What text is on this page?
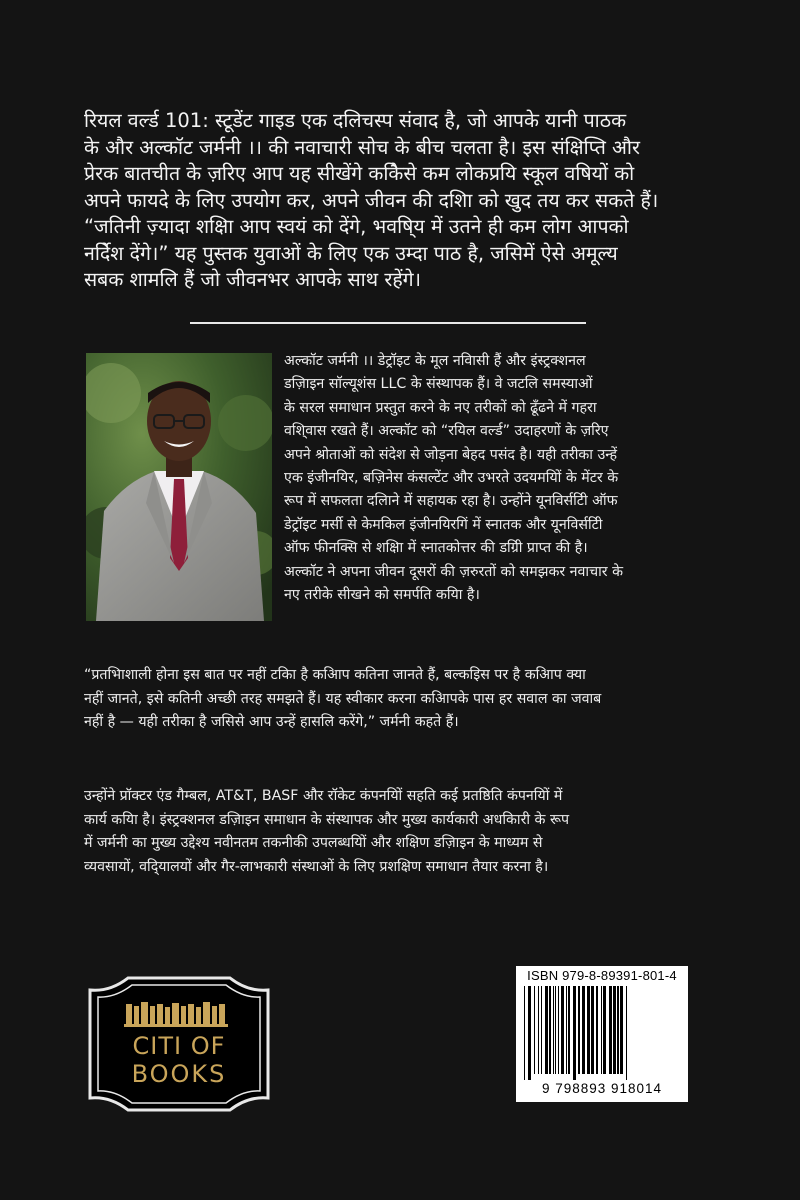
रियल वर्ल्ड 101: स्टूडेंट गाइड एक दलिचस्प संवाद है, जो आपके यानी पाठक
के और अल्कॉट जर्मनी ।। की नवाचारी सोच के बीच चलता है। इस संक्षिप्ति और
प्रेरक बातचीत के ज़रिए आप यह सीखेंगे ककिैसे कम लोकप्रयि स्कूल वषियों को
अपने फायदे के लिए उपयोग कर, अपने जीवन की दशिा को खुद तय कर सकते हैं।
“जतिनी ज़्यादा शक्षिा आप स्वयं को देंगे, भवषि्य में उतने ही कम लोग आपको
नर्दिेश देंगे।” यह पुस्तक युवाओं के लिए एक उम्दा पाठ है, जसिमें ऐसे अमूल्य
सबक शामलि हैं जो जीवनभर आपके साथ रहेंगे।
अल्कॉट जर्मनी ।। डेट्रॉइट के मूल नवािसी हैं और इंस्ट्रक्शनल
डज़िाइन सॉल्यूशंस LLC के संस्थापक हैं। वे जटलि समस्याओं
के सरल समाधान प्रस्तुत करने के नए तरीकों को ढूँढने में गहरा
वशि्वास रखते हैं। अल्कॉट को “रयिल वर्ल्ड” उदाहरणों के ज़रिए
अपने श्रोताओं को संदेश से जोड़ना बेहद पसंद है। यही तरीका उन्हें
एक इंजीनयिर, बज़िनेस कंसल्टेंट और उभरते उदयमयिों के मेंटर के
रूप में सफलता दलिाने में सहायक रहा है। उन्होंने यूनविर्सटिी ऑफ
डेट्रॉइट मर्सी से केमकिल इंजीनयिरगिं में स्नातक और यूनविर्सटिी
ऑफ फीनक्सि से शक्षिा में स्नातकोत्तर की डग्रिी प्राप्त की है।
अल्कॉट ने अपना जीवन दूसरों की ज़रुरतों को समझकर नवाचार के
नए तरीके सीखने को समर्पति कयिा है।
“प्रतभिाशाली होना इस बात पर नहीं टकिा है कआिप कतिना जानते हैं, बल्कइिस पर है कआिप क्या
नहीं जानते, इसे कतिनी अच्छी तरह समझते हैं। यह स्वीकार करना कआिपके पास हर सवाल का जवाब
नहीं है — यही तरीका है जसिसे आप उन्हें हासलि करेंगे,” जर्मनी कहते हैं।
उन्होंने प्रॉक्टर एंड गैम्बल, AT&T, BASF और रॉकेट कंपनयिों सहति कई प्रतष्ठिति कंपनयिों में
कार्य कयिा है। इंस्ट्रक्शनल डज़िाइन समाधान के संस्थापक और मुख्य कार्यकारी अधकिारी के रूप
में जर्मनी का मुख्य उद्देश्य नवीनतम तकनीकी उपलब्धयिों और शक्षिण डज़िाइन के माध्यम से
व्यवसायों, वदि्यालयों और गैर-लाभकारी संस्थाओं के लिए प्रशक्षिण समाधान तैयार करना है।
CITI OF
BOOKS
ISBN 979-8-89391-801-4
9 798893 918014
